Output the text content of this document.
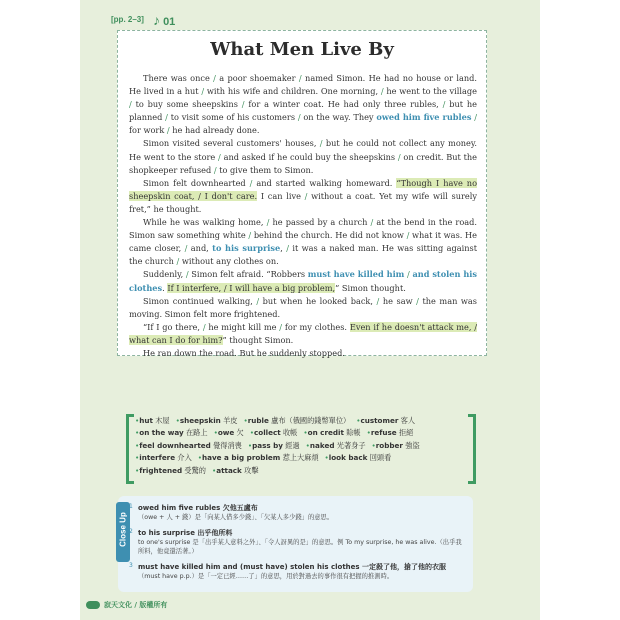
[pp. 2–3] ♪ 01
What Men Live By

There was once / a poor shoemaker / named Simon. He had no house or land. He lived in a hut / with his wife and children. One morning, / he went to the village / to buy some sheepskins / for a winter coat. He had only three rubles, / but he planned / to visit some of his customers / on the way. They owed him five rubles / for work / he had already done.

Simon visited several customers' houses, / but he could not collect any money. He went to the store / and asked if he could buy the sheepskins / on credit. But the shopkeeper refused / to give them to Simon.

Simon felt downhearted / and started walking homeward. “Though I have no sheepskin coat, / I don't care. I can live / without a coat. Yet my wife will surely fret,” he thought.

While he was walking home, / he passed by a church / at the bend in the road. Simon saw something white / behind the church. He did not know / what it was. He came closer, / and, to his surprise, / it was a naked man. He was sitting against the church / without any clothes on.

Suddenly, / Simon felt afraid. “Robbers must have killed him / and stolen his clothes. If I interfere, / I will have a big problem,” Simon thought.

Simon continued walking, / but when he looked back, / he saw / the man was moving. Simon felt more frightened.

“If I go there, / he might kill me / for my clothes. Even if he doesn't attack me, / what can I do for him?” thought Simon.

He ran down the road. But he suddenly stopped.

•hut 木屋 •sheepskin 羊皮 •ruble 盧布（俄國的錢幣單位） •customer 客人
•on the way 在路上 •owe 欠 •collect 收帳 •on credit 賒帳 •refuse 拒絕
•feel downhearted 覺得消喪 •pass by 經過 •naked 光著身子 •robber 強盜
•interfere 介入 •have a big problem 惹上大麻煩 •look back 回頭看
•frightened 受驚的 •attack 攻擊
Close Up
1 owed him five rubles 欠他五盧布
（owe + 人 + 錢）是「向某人借多少錢」、「欠某人多少錢」的意思。
2 to his surprise 出乎他所料
to one's surprise 是「出乎某人意料之外」、「令人訝異的是」的意思。例 To my surprise, he was alive.（出乎我所料，他竟還活著。）
3 must have killed him and (must have) stolen his clothes 一定殺了他，搶了他的衣服
（must have p.p.）是「一定已經……了」的意思，用於對過去的事作很有把握的推測時。
寂天文化 / 版權所有
